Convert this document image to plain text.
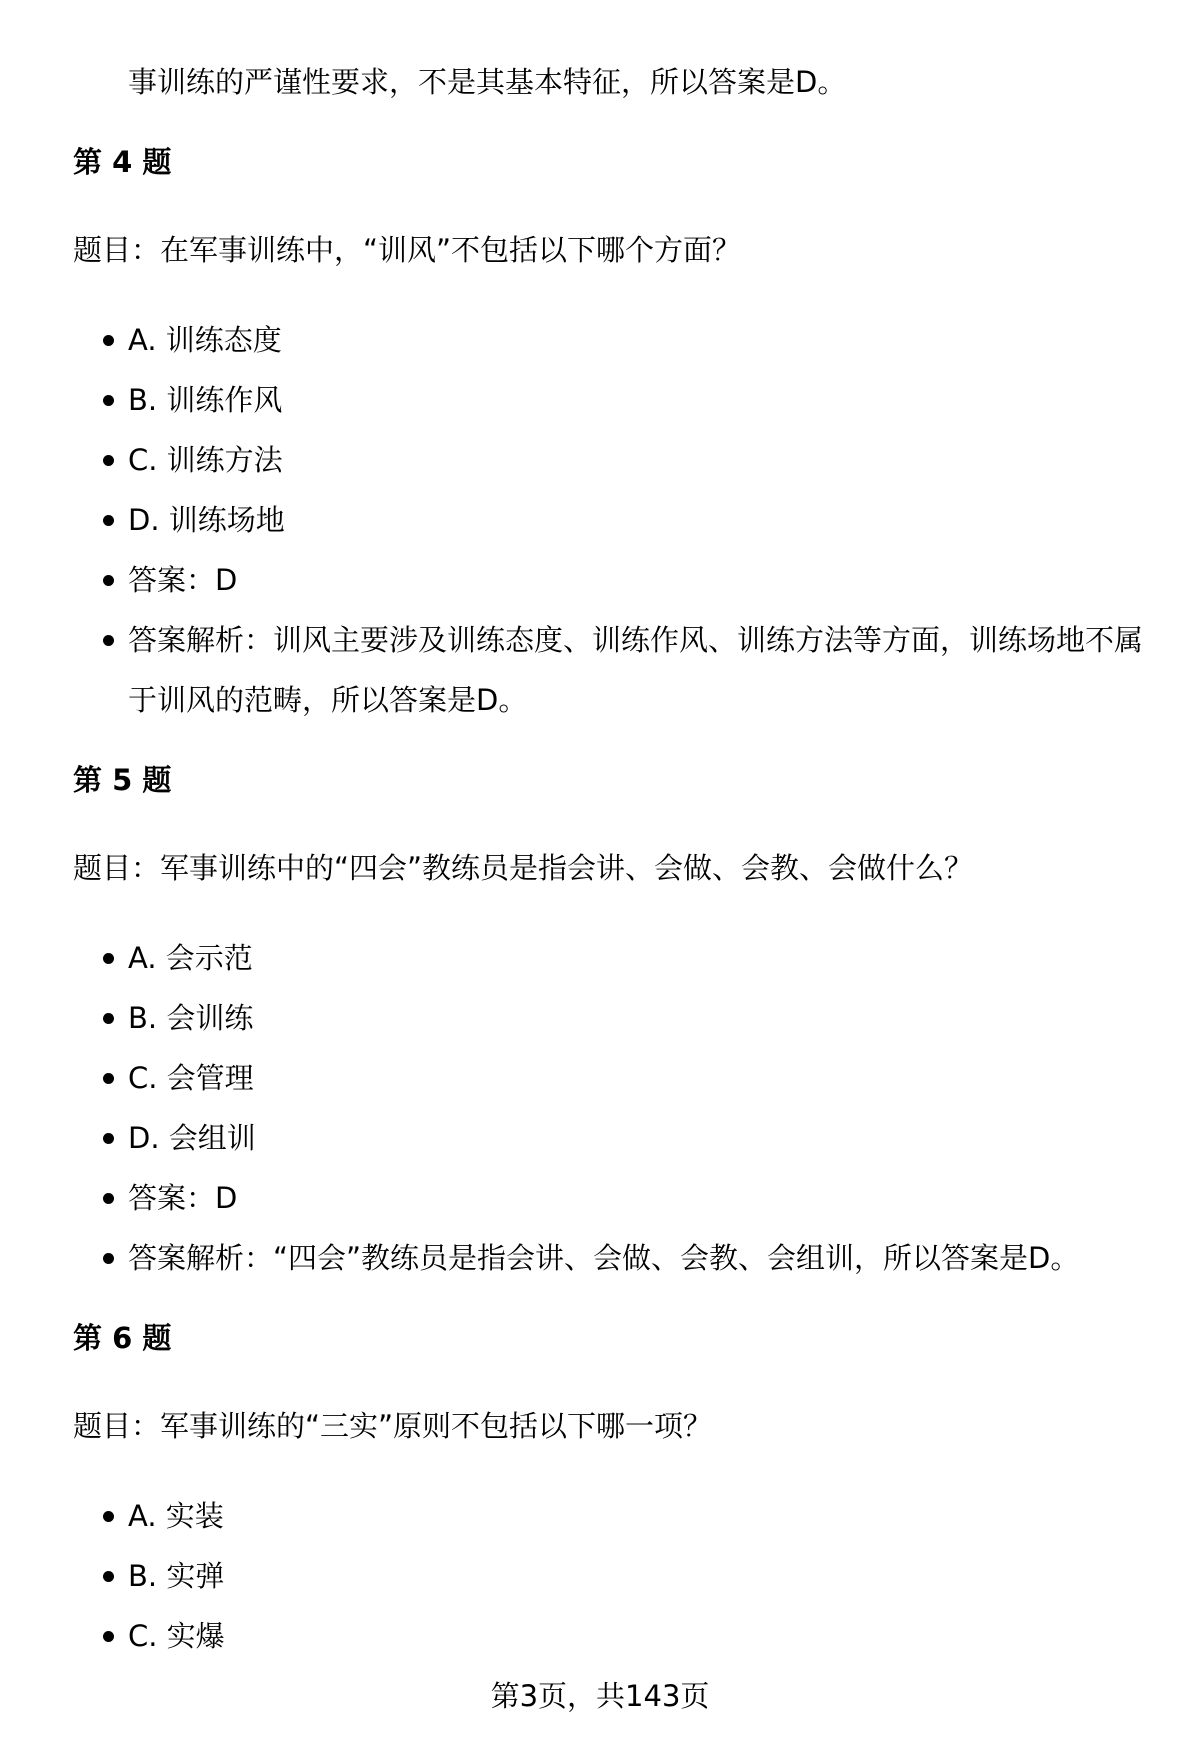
事训练的严谨性要求，不是其基本特征，所以答案是D。

第 4 题

题目：在军事训练中，“训风”不包括以下哪个方面？

A. 训练态度
B. 训练作风
C. 训练方法
D. 训练场地
答案：D
答案解析：训风主要涉及训练态度、训练作风、训练方法等方面，训练场地不属于训风的范畴，所以答案是D。
第 5 题

题目：军事训练中的“四会”教练员是指会讲、会做、会教、会做什么？

A. 会示范
B. 会训练
C. 会管理
D. 会组训
答案：D
答案解析：“四会”教练员是指会讲、会做、会教、会组训，所以答案是D。
第 6 题

题目：军事训练的“三实”原则不包括以下哪一项？

A. 实装
B. 实弹
C. 实爆
第3页，共143页
